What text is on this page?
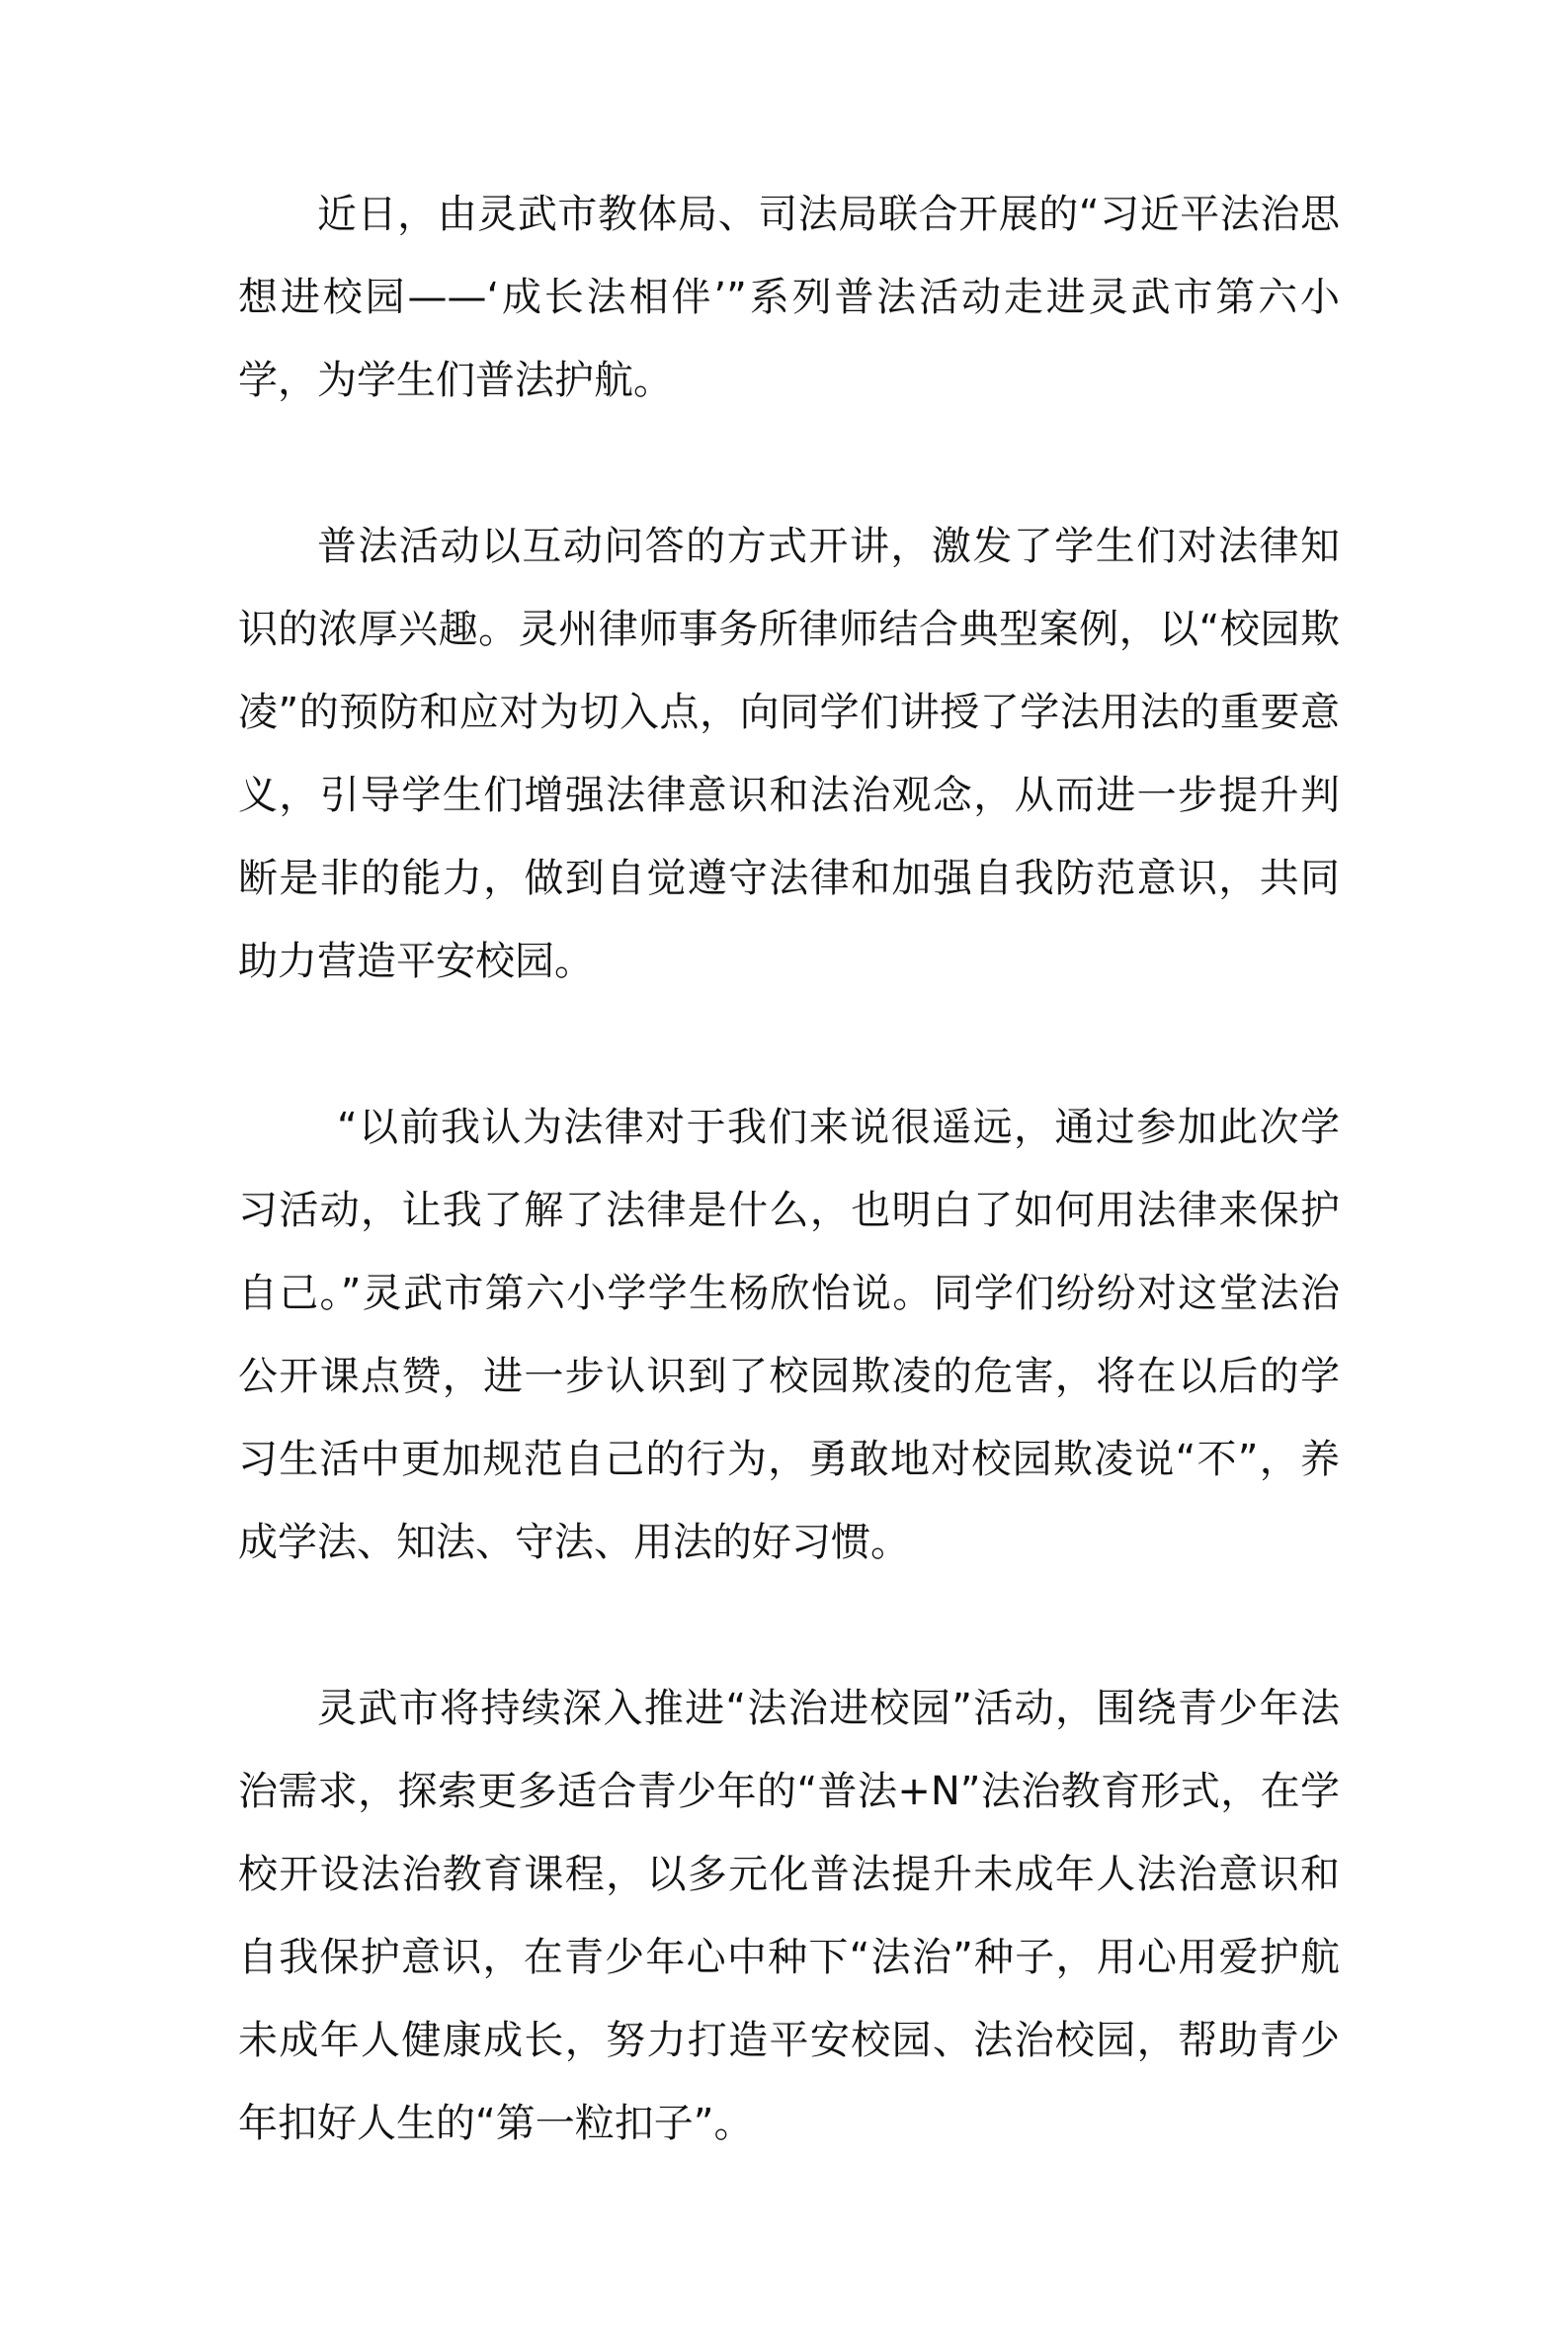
近日，由灵武市教体局、司法局联合开展的“习近平法治思想进校园——‘成长法相伴’”系列普法活动走进灵武市第六小学，为学生们普法护航。

普法活动以互动问答的方式开讲，激发了学生们对法律知识的浓厚兴趣。灵州律师事务所律师结合典型案例，以“校园欺凌”的预防和应对为切入点，向同学们讲授了学法用法的重要意义，引导学生们增强法律意识和法治观念，从而进一步提升判断是非的能力，做到自觉遵守法律和加强自我防范意识，共同助力营造平安校园。

“以前我认为法律对于我们来说很遥远，通过参加此次学习活动，让我了解了法律是什么，也明白了如何用法律来保护自己。”灵武市第六小学学生杨欣怡说。同学们纷纷对这堂法治公开课点赞，进一步认识到了校园欺凌的危害，将在以后的学习生活中更加规范自己的行为，勇敢地对校园欺凌说“不”，养成学法、知法、守法、用法的好习惯。

灵武市将持续深入推进“法治进校园”活动，围绕青少年法治需求，探索更多适合青少年的“普法+N”法治教育形式，在学校开设法治教育课程，以多元化普法提升未成年人法治意识和自我保护意识，在青少年心中种下“法治”种子，用心用爱护航未成年人健康成长，努力打造平安校园、法治校园，帮助青少年扣好人生的“第一粒扣子”。
